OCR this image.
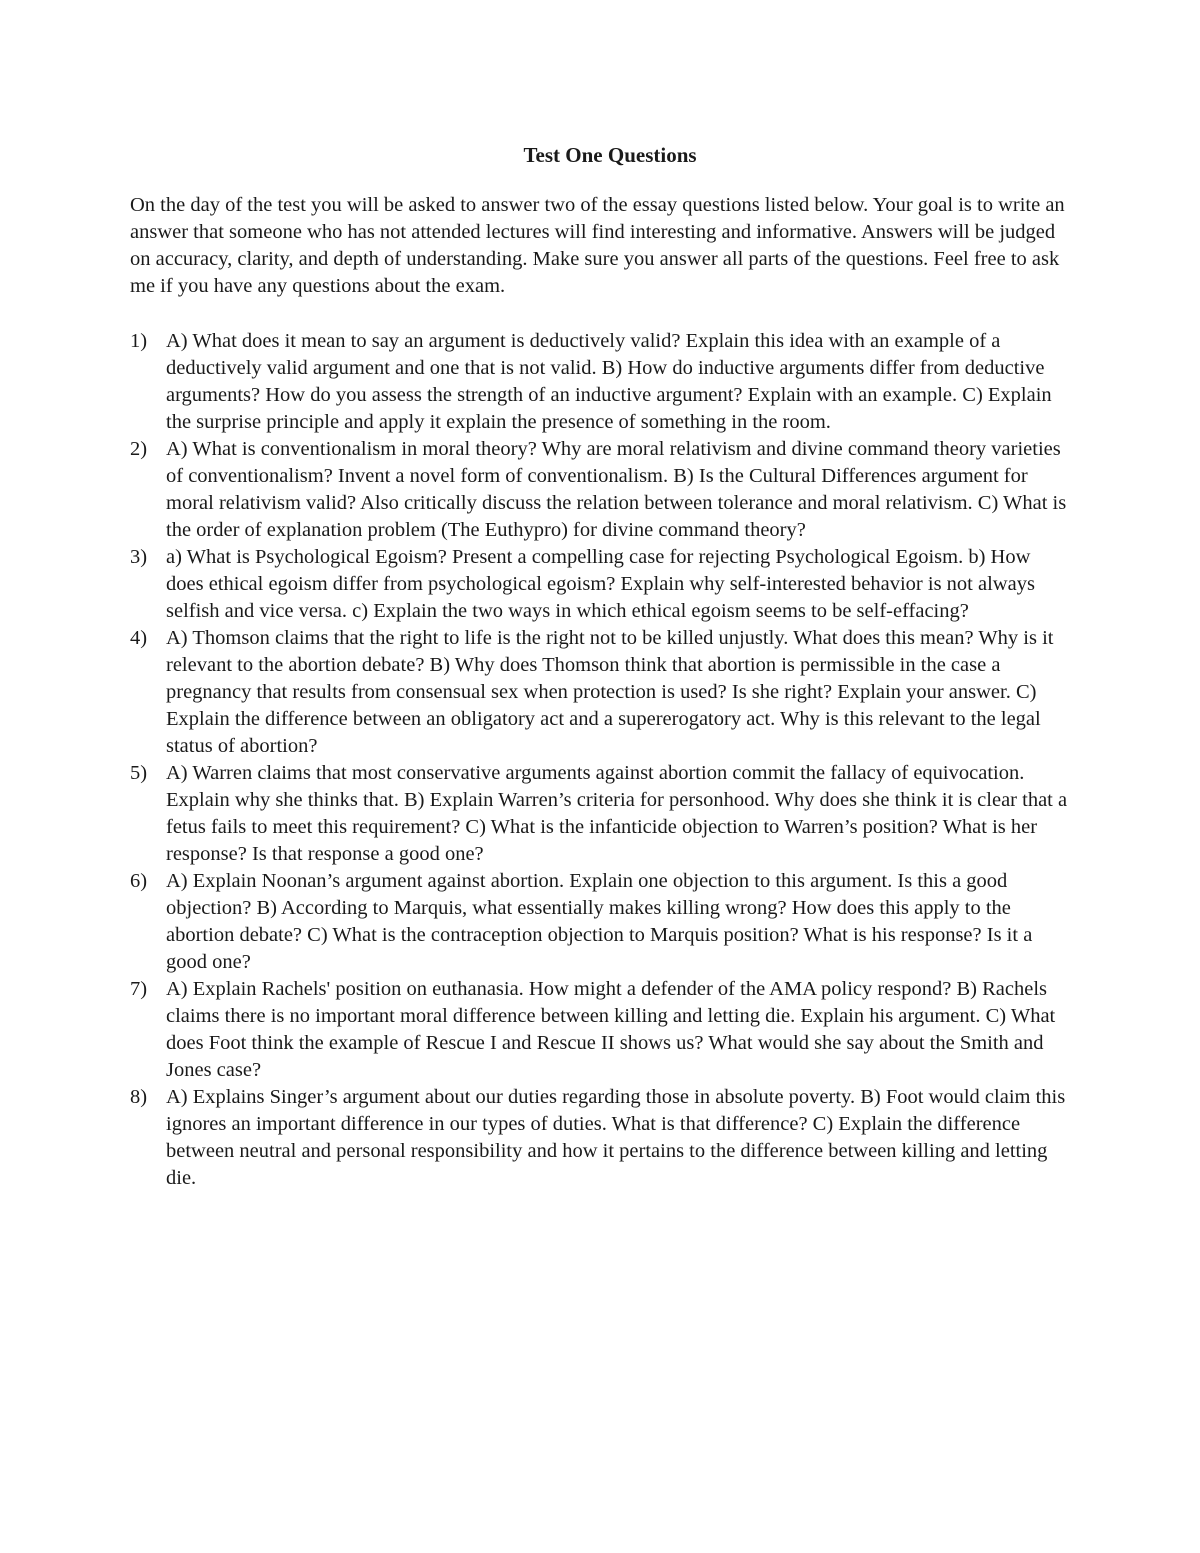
Test One Questions

On the day of the test you will be asked to answer two of the essay questions listed below. Your goal is to write an answer that someone who has not attended lectures will find interesting and informative. Answers will be judged on accuracy, clarity, and depth of understanding. Make sure you answer all parts of the questions. Feel free to ask me if you have any questions about the exam.

1) A) What does it mean to say an argument is deductively valid? Explain this idea with an example of a deductively valid argument and one that is not valid. B) How do inductive arguments differ from deductive arguments? How do you assess the strength of an inductive argument? Explain with an example. C) Explain the surprise principle and apply it explain the presence of something in the room.
2) A) What is conventionalism in moral theory? Why are moral relativism and divine command theory varieties of conventionalism? Invent a novel form of conventionalism. B) Is the Cultural Differences argument for moral relativism valid? Also critically discuss the relation between tolerance and moral relativism. C) What is the order of explanation problem (The Euthypro) for divine command theory?
3) a) What is Psychological Egoism? Present a compelling case for rejecting Psychological Egoism. b) How does ethical egoism differ from psychological egoism? Explain why self-interested behavior is not always selfish and vice versa. c) Explain the two ways in which ethical egoism seems to be self-effacing?
4) A) Thomson claims that the right to life is the right not to be killed unjustly. What does this mean? Why is it relevant to the abortion debate? B) Why does Thomson think that abortion is permissible in the case a pregnancy that results from consensual sex when protection is used? Is she right? Explain your answer. C) Explain the difference between an obligatory act and a supererogatory act. Why is this relevant to the legal status of abortion?
5) A) Warren claims that most conservative arguments against abortion commit the fallacy of equivocation. Explain why she thinks that. B) Explain Warren’s criteria for personhood. Why does she think it is clear that a fetus fails to meet this requirement? C) What is the infanticide objection to Warren’s position? What is her response? Is that response a good one?
6) A) Explain Noonan’s argument against abortion. Explain one objection to this argument. Is this a good objection? B) According to Marquis, what essentially makes killing wrong? How does this apply to the abortion debate? C) What is the contraception objection to Marquis position? What is his response? Is it a good one?
7) A) Explain Rachels' position on euthanasia. How might a defender of the AMA policy respond? B) Rachels claims there is no important moral difference between killing and letting die. Explain his argument. C) What does Foot think the example of Rescue I and Rescue II shows us? What would she say about the Smith and Jones case?
8) A) Explains Singer’s argument about our duties regarding those in absolute poverty. B) Foot would claim this ignores an important difference in our types of duties. What is that difference? C) Explain the difference between neutral and personal responsibility and how it pertains to the difference between killing and letting die.
